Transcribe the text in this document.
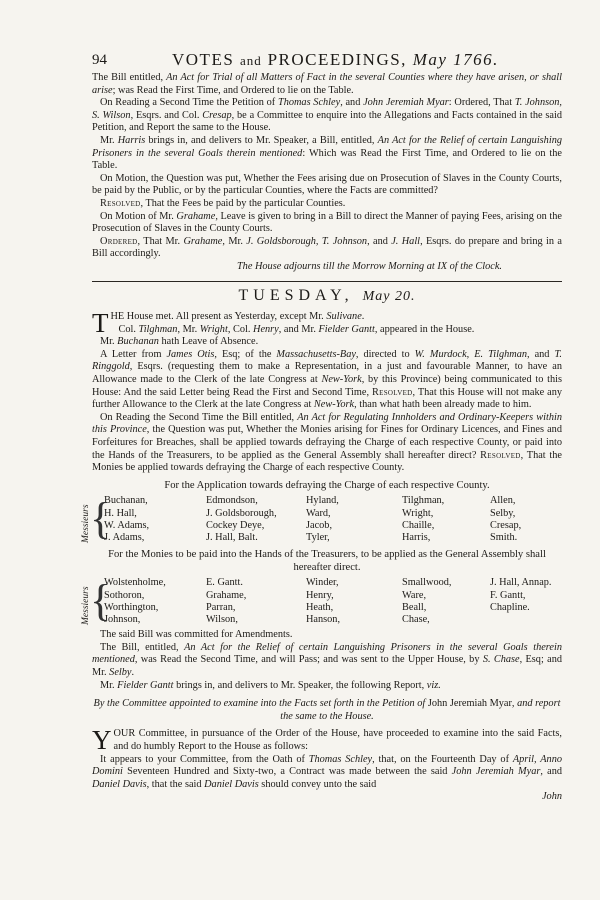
94	VOTES and PROCEEDINGS, May 1766.

The Bill entitled, An Act for Trial of all Matters of Fact in the several Counties where they have arisen, or shall arise; was Read the First Time, and Ordered to lie on the Table.

On Reading a Second Time the Petition of Thomas Schley, and John Jeremiah Myar: Ordered, That T. Johnson, S. Wilson, Esqrs. and Col. Cresap, be a Committee to enquire into the Allegations and Facts contained in the said Petition, and Report the same to the House.

Mr. Harris brings in, and delivers to Mr. Speaker, a Bill, entitled, An Act for the Relief of certain Languishing Prisoners in the several Goals therein mentioned: Which was Read the First Time, and Ordered to lie on the Table.

On Motion, the Question was put, Whether the Fees arising due on Prosecution of Slaves in the County Courts, be paid by the Public, or by the particular Counties, where the Facts are committed?

Resolved, That the Fees be paid by the particular Counties.

On Motion of Mr. Grahame, Leave is given to bring in a Bill to direct the Manner of paying Fees, arising on the Prosecution of Slaves in the County Courts.

Ordered, That Mr. Grahame, Mr. J. Goldsborough, T. Johnson, and J. Hall, Esqrs. do prepare and bring in a Bill accordingly.

The House adjourns till the Morrow Morning at IX of the Clock.

TUESDAY, May 20.

THE House met. All present as Yesterday, except Mr. Sulivane.

Col. Tilghman, Mr. Wright, Col. Henry, and Mr. Fielder Gantt, appeared in the House.

Mr. Buchanan hath Leave of Absence.

A Letter from James Otis, Esq; of the Massachusetts-Bay, directed to W. Murdock, E. Tilghman, and T. Ringgold, Esqrs. (requesting them to make a Representation, in a just and favourable Manner, to have an Allowance made to the Clerk of the late Congress at New-York, by this Province) being communicated to this House: And the said Letter being Read the First and Second Time, Resolved, That this House will not make any further Allowance to the Clerk at the late Congress at New-York, than what hath been already made to him.

On Reading the Second Time the Bill entitled, An Act for Regulating Innholders and Ordinary-Keepers within this Province, the Question was put, Whether the Monies arising for Fines for Ordinary Licences, and Fines and Forfeitures for Breaches, shall be applied towards defraying the Charge of each respective County, or paid into the Hands of the Treasurers, to be applied as the General Assembly shall hereafter direct? Resolved, That the Monies be applied towards defraying the Charge of each respective County.

For the Application towards defraying the Charge of each respective County.

Messieurs {
Buchanan,	Edmondson,	Hyland,	Tilghman,	Allen,
H. Hall,	J. Goldsborough,	Ward,	Wright,	Selby,
W. Adams,	Cockey Deye,	Jacob,	Chaille,	Cresap,
J. Adams,	J. Hall, Balt.	Tyler,	Harris,	Smith.

For the Monies to be paid into the Hands of the Treasurers, to be applied as the General Assembly shall hereafter direct.

Messieurs {
Wolstenholme,	E. Gantt.	Winder,	Smallwood,	J. Hall, Annap.
Sothoron,	Grahame,	Henry,	Ware,	F. Gantt,
Worthington,	Parran,	Heath,	Beall,	Chapline.
Johnson,	Wilson,	Hanson,	Chase,	

The said Bill was committed for Amendments.

The Bill, entitled, An Act for the Relief of certain Languishing Prisoners in the several Goals therein mentioned, was Read the Second Time, and will Pass; and was sent to the Upper House, by S. Chase, Esq; and Mr. Selby.

Mr. Fielder Gantt brings in, and delivers to Mr. Speaker, the following Report, viz.

By the Committee appointed to examine into the Facts set forth in the Petition of John Jeremiah Myar, and report the same to the House.

YOUR Committee, in pursuance of the Order of the House, have proceeded to examine into the said Facts, and do humbly Report to the House as follows:

It appears to your Committee, from the Oath of Thomas Schley, that, on the Fourteenth Day of April, Anno Domini Seventeen Hundred and Sixty-two, a Contract was made between the said John Jeremiah Myar, and Daniel Davis, that the said Daniel Davis should convey unto the said

John
